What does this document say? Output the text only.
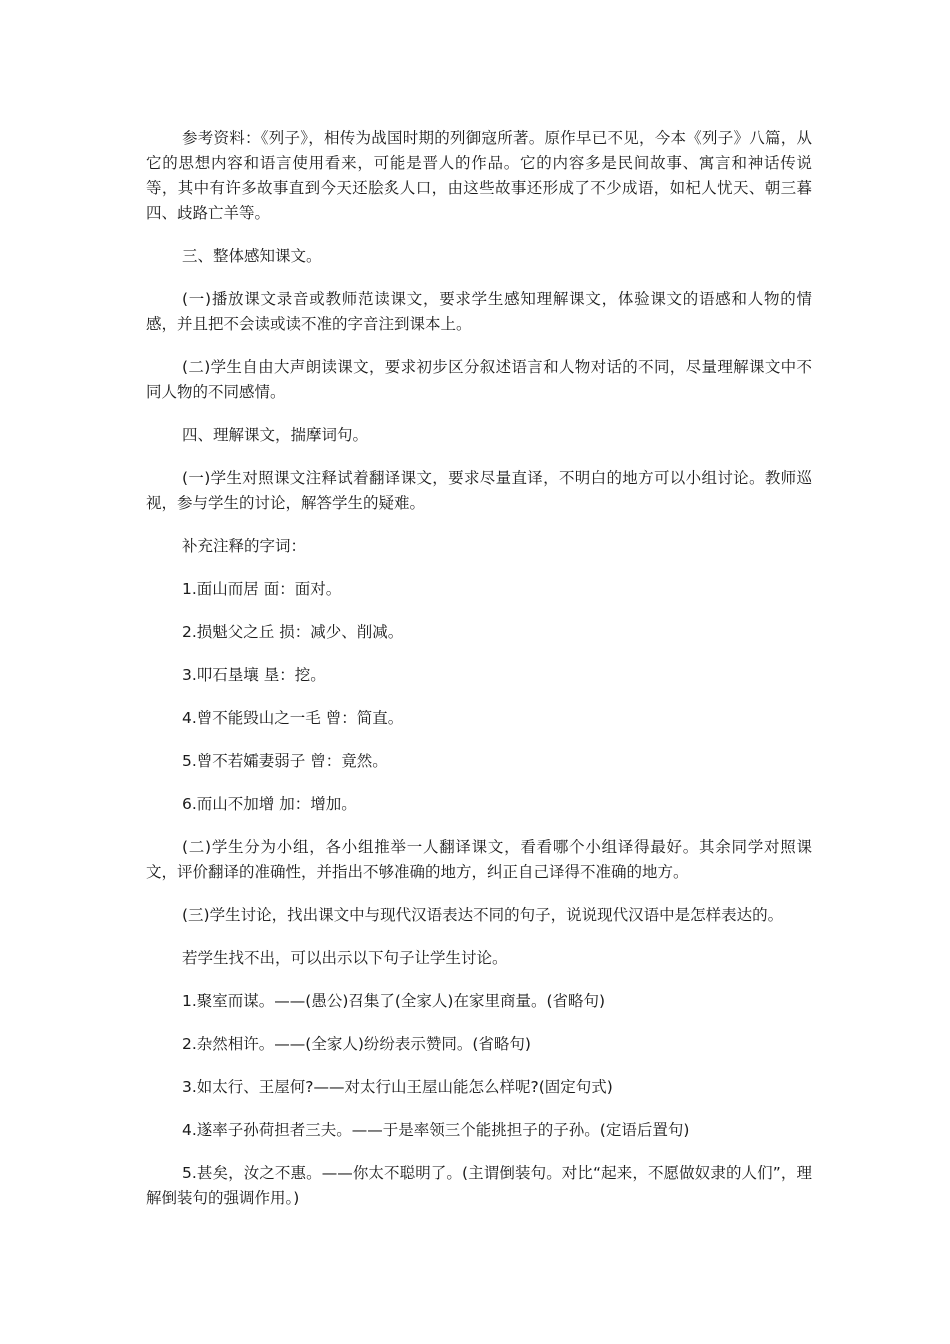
参考资料：《列子》，相传为战国时期的列御寇所著。原作早已不见，今本《列子》八篇，从它的思想内容和语言使用看来，可能是晋人的作品。它的内容多是民间故事、寓言和神话传说等，其中有许多故事直到今天还脍炙人口，由这些故事还形成了不少成语，如杞人忧天、朝三暮四、歧路亡羊等。

三、整体感知课文。

(一)播放课文录音或教师范读课文，要求学生感知理解课文，体验课文的语感和人物的情感，并且把不会读或读不准的字音注到课本上。

(二)学生自由大声朗读课文，要求初步区分叙述语言和人物对话的不同，尽量理解课文中不同人物的不同感情。

四、理解课文，揣摩词句。

(一)学生对照课文注释试着翻译课文，要求尽量直译，不明白的地方可以小组讨论。教师巡视，参与学生的讨论，解答学生的疑难。

补充注释的字词：

1.面山而居 面：面对。

2.损魁父之丘 损：减少、削减。

3.叩石垦壤 垦：挖。

4.曾不能毁山之一毛 曾：简直。

5.曾不若孀妻弱子 曾：竟然。

6.而山不加增 加：增加。

(二)学生分为小组，各小组推举一人翻译课文，看看哪个小组译得最好。其余同学对照课文，评价翻译的准确性，并指出不够准确的地方，纠正自己译得不准确的地方。

(三)学生讨论，找出课文中与现代汉语表达不同的句子，说说现代汉语中是怎样表达的。

若学生找不出，可以出示以下句子让学生讨论。

1.聚室而谋。——(愚公)召集了(全家人)在家里商量。(省略句)

2.杂然相许。——(全家人)纷纷表示赞同。(省略句)

3.如太行、王屋何?——对太行山王屋山能怎么样呢?(固定句式)

4.遂率子孙荷担者三夫。——于是率领三个能挑担子的子孙。(定语后置句)

5.甚矣，汝之不惠。——你太不聪明了。(主谓倒装句。对比“起来，不愿做奴隶的人们”，理解倒装句的强调作用。)
